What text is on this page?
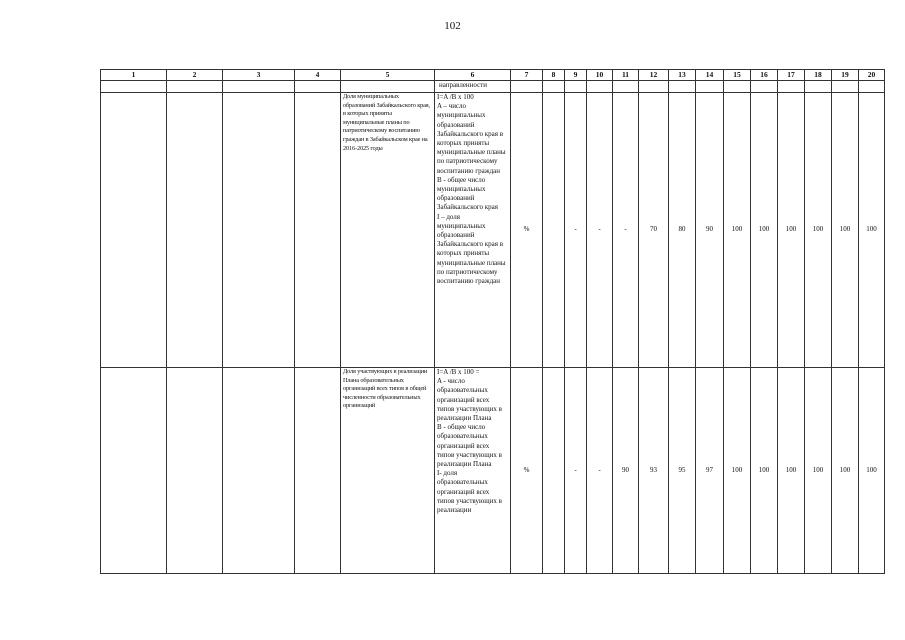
102
1	2	3	4	5	6	7	8	9	10	11	12	13	14	15	16	17	18	19	20
					направленности														
				Доля муниципальных образований Забайкальского края, в которых приняты муниципальные планы по патриотическому воспитанию граждан в Забайкальском крае на 2016-2025 годы	I=A /B x 100
A – число муниципальных образований Забайкальского края в которых приняты муниципальные планы по патриотическому воспитанию граждан
В - общее число муниципальных образований Забайкальского края
I – доля муниципальных образований Забайкальского края в которых приняты муниципальные планы по патриотическому воспитанию граждан	%		-	-	-	70	80	90	100	100	100	100	100	100
				Доля участвующих в реализации Плана образовательных организаций всех типов в общей численности образовательных организаций	I=A /B x 100 =
A - число образовательных организаций всех типов участвующих в реализации Плана
В - общее число образовательных организаций всех типов участвующих в реализации Плана
I- доля образовательных организаций всех типов участвующих в реализации	%		-	-	90	93	95	97	100	100	100	100	100	100
